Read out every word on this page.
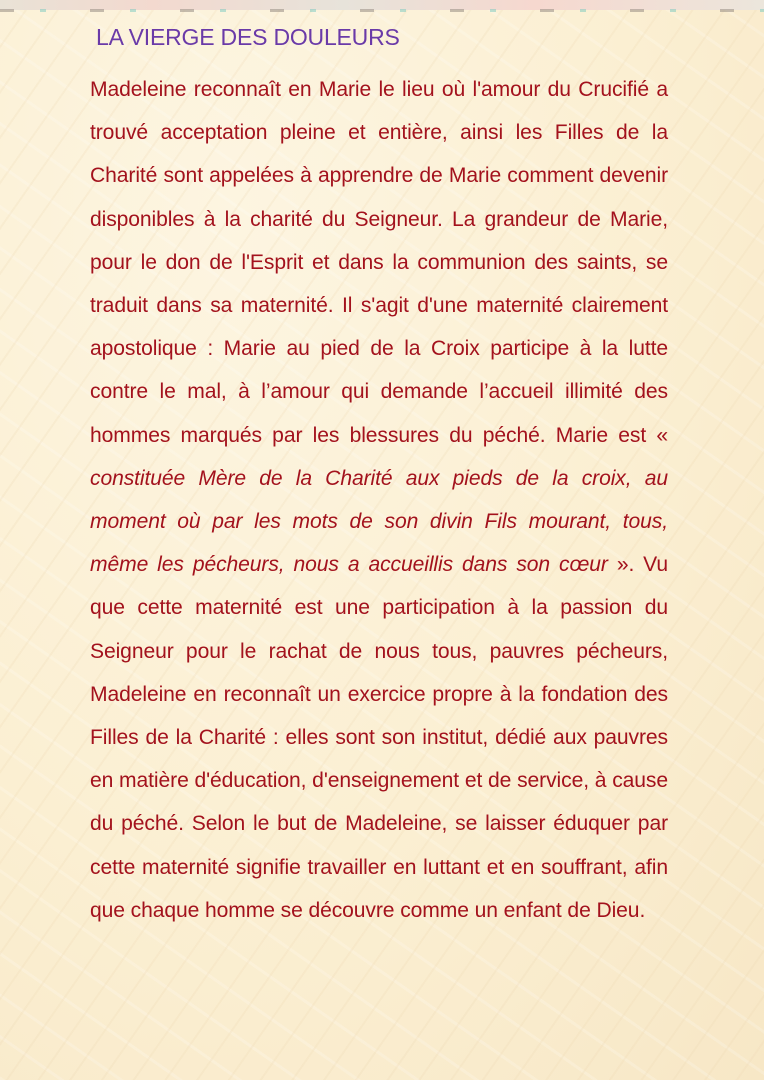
LA VIERGE DES DOULEURS

Madeleine reconnaît en Marie le lieu où l'amour du Crucifié a trouvé acceptation pleine et entière, ainsi les Filles de la Charité sont appelées à apprendre de Marie comment devenir disponibles à la charité du Seigneur. La grandeur de Marie, pour le don de l'Esprit et dans la communion des saints, se traduit dans sa maternité. Il s'agit d'une maternité clairement apostolique : Marie au pied de la Croix participe à la lutte contre le mal, à l’amour qui demande l’accueil illimité des hommes marqués par les blessures du péché. Marie est « constituée Mère de la Charité aux pieds de la croix, au moment où par les mots de son divin Fils mourant, tous, même les pécheurs, nous a accueillis dans son cœur ». Vu que cette maternité est une participation à la passion du Seigneur pour le rachat de nous tous, pauvres pécheurs, Madeleine en reconnaît un exercice propre à la fondation des Filles de la Charité : elles sont son institut, dédié aux pauvres en matière d'éducation, d'enseignement et de service, à cause du péché. Selon le but de Madeleine, se laisser éduquer par cette maternité signifie travailler en luttant et en souffrant, afin que chaque homme se découvre comme un enfant de Dieu.
